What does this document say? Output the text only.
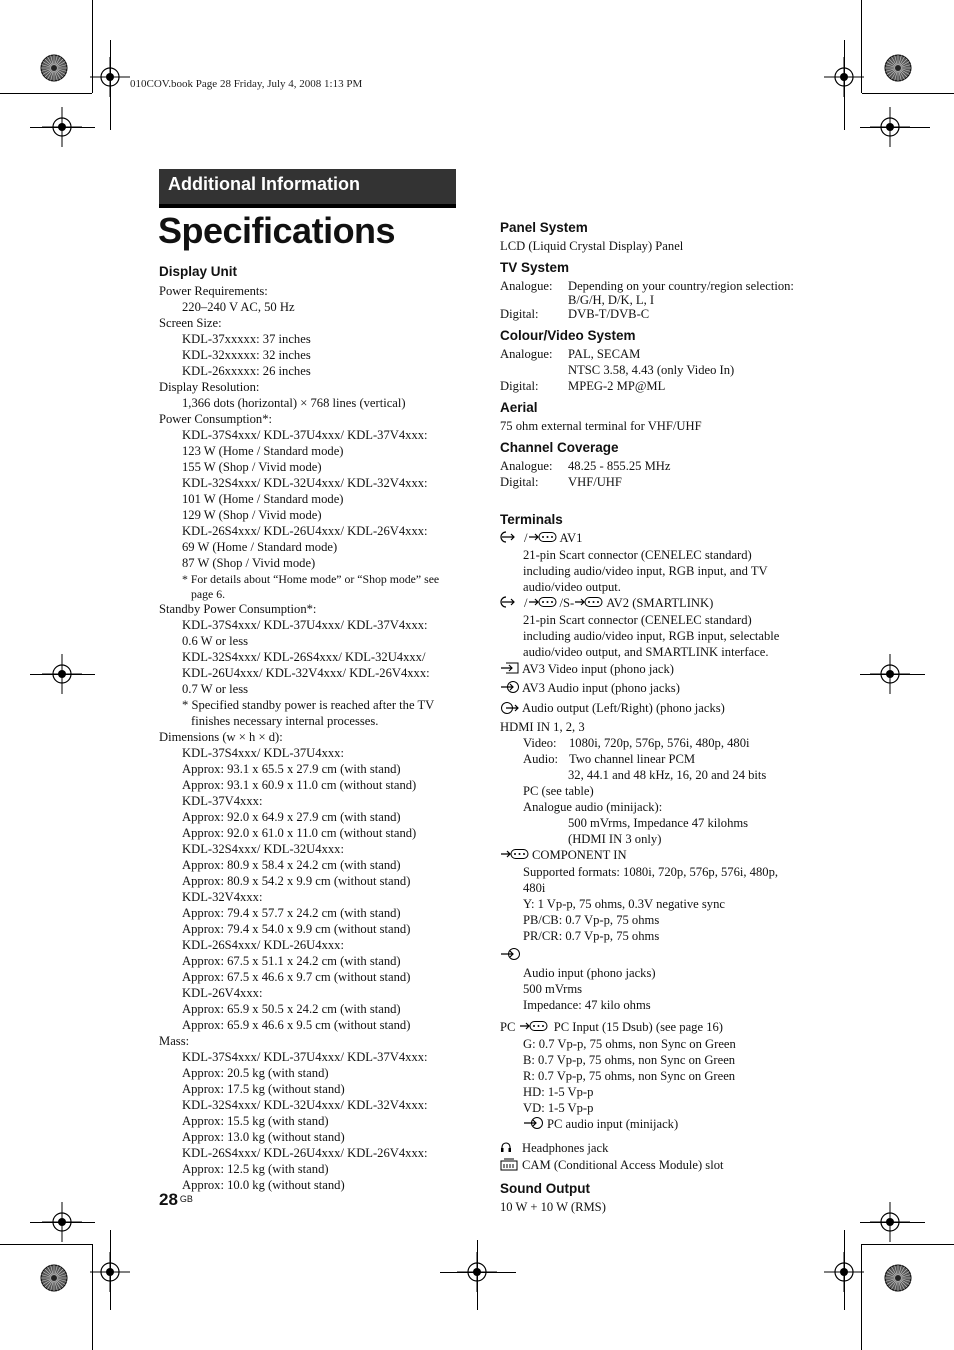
010COV.book Page 28 Friday, July 4, 2008 1:13 PM
Additional Information
Specifications
Display Unit
Power Requirements:
220–240 V AC, 50 Hz
Screen Size:
KDL-37xxxxx: 37 inches
KDL-32xxxxx: 32 inches
KDL-26xxxxx: 26 inches
Display Resolution:
1,366 dots (horizontal) × 768 lines (vertical)
Power Consumption*:
KDL-37S4xxx/ KDL-37U4xxx/ KDL-37V4xxx:
123 W (Home / Standard mode)
155 W (Shop / Vivid mode)
KDL-32S4xxx/ KDL-32U4xxx/ KDL-32V4xxx:
101 W (Home / Standard mode)
129 W (Shop / Vivid mode)
KDL-26S4xxx/ KDL-26U4xxx/ KDL-26V4xxx:
69 W (Home / Standard mode)
87 W (Shop / Vivid mode)
* For details about “Home mode” or “Shop mode” see
page 6.
Standby Power Consumption*:
KDL-37S4xxx/ KDL-37U4xxx/ KDL-37V4xxx:
0.6 W or less
KDL-32S4xxx/ KDL-26S4xxx/ KDL-32U4xxx/
KDL-26U4xxx/ KDL-32V4xxx/ KDL-26V4xxx:
0.7 W or less
* Specified standby power is reached after the TV
finishes necessary internal processes.
Dimensions (w × h × d):
KDL-37S4xxx/ KDL-37U4xxx:
Approx: 93.1 x 65.5 x 27.9 cm (with stand)
Approx: 93.1 x 60.9 x 11.0 cm (without stand)
KDL-37V4xxx:
Approx: 92.0 x 64.9 x 27.9 cm (with stand)
Approx: 92.0 x 61.0 x 11.0 cm (without stand)
KDL-32S4xxx/ KDL-32U4xxx:
Approx: 80.9 x 58.4 x 24.2 cm (with stand)
Approx: 80.9 x 54.2 x 9.9 cm (without stand)
KDL-32V4xxx:
Approx: 79.4 x 57.7 x 24.2 cm (with stand)
Approx: 79.4 x 54.0 x 9.9 cm (without stand)
KDL-26S4xxx/ KDL-26U4xxx:
Approx: 67.5 x 51.1 x 24.2 cm (with stand)
Approx: 67.5 x 46.6 x 9.7 cm (without stand)
KDL-26V4xxx:
Approx: 65.9 x 50.5 x 24.2 cm (with stand)
Approx: 65.9 x 46.6 x 9.5 cm (without stand)
Mass:
KDL-37S4xxx/ KDL-37U4xxx/ KDL-37V4xxx:
Approx: 20.5 kg (with stand)
Approx: 17.5 kg (without stand)
KDL-32S4xxx/ KDL-32U4xxx/ KDL-32V4xxx:
Approx: 15.5 kg (with stand)
Approx: 13.0 kg (without stand)
KDL-26S4xxx/ KDL-26U4xxx/ KDL-26V4xxx:
Approx: 12.5 kg (with stand)
Approx: 10.0 kg (without stand)
Panel System
LCD (Liquid Crystal Display) Panel
TV System
Analogue:	Depending on your country/region selection:
B/G/H, D/K, L, I
Digital:	DVB-T/DVB-C
Colour/Video System
Analogue:	PAL, SECAM
NTSC 3.58, 4.43 (only Video In)
Digital:	MPEG-2 MP@ML
Aerial
75 ohm external terminal for VHF/UHF
Channel Coverage
Analogue:	48.25 - 855.25 MHz
Digital:	VHF/UHF
Terminals
/	AV1
21-pin Scart connector (CENELEC standard)
including audio/video input, RGB input, and TV
audio/video output.
/	/S-	AV2 (SMARTLINK)
21-pin Scart connector (CENELEC standard)
including audio/video input, RGB input, selectable
audio/video output, and SMARTLINK interface.
AV3 Video input (phono jack)
AV3 Audio input (phono jacks)
Audio output (Left/Right) (phono jacks)
HDMI IN 1, 2, 3
Video: 1080i, 720p, 576p, 576i, 480p, 480i
Audio: Two channel linear PCM
32, 44.1 and 48 kHz, 16, 20 and 24 bits
PC (see table)
Analogue audio (minijack):
500 mVrms, Impedance 47 kilohms
(HDMI IN 3 only)
COMPONENT IN
Supported formats: 1080i, 720p, 576p, 576i, 480p,
480i
Y: 1 Vp-p, 75 ohms, 0.3V negative sync
PB/CB: 0.7 Vp-p, 75 ohms
PR/CR: 0.7 Vp-p, 75 ohms
Audio input (phono jacks)
500 mVrms
Impedance: 47 kilo ohms
PC	PC Input (15 Dsub) (see page 16)
G: 0.7 Vp-p, 75 ohms, non Sync on Green
B: 0.7 Vp-p, 75 ohms, non Sync on Green
R: 0.7 Vp-p, 75 ohms, non Sync on Green
HD: 1-5 Vp-p
VD: 1-5 Vp-p
PC audio input (minijack)
Headphones jack
CAM (Conditional Access Module) slot
Sound Output
10 W + 10 W (RMS)
28 $_{GB}$
